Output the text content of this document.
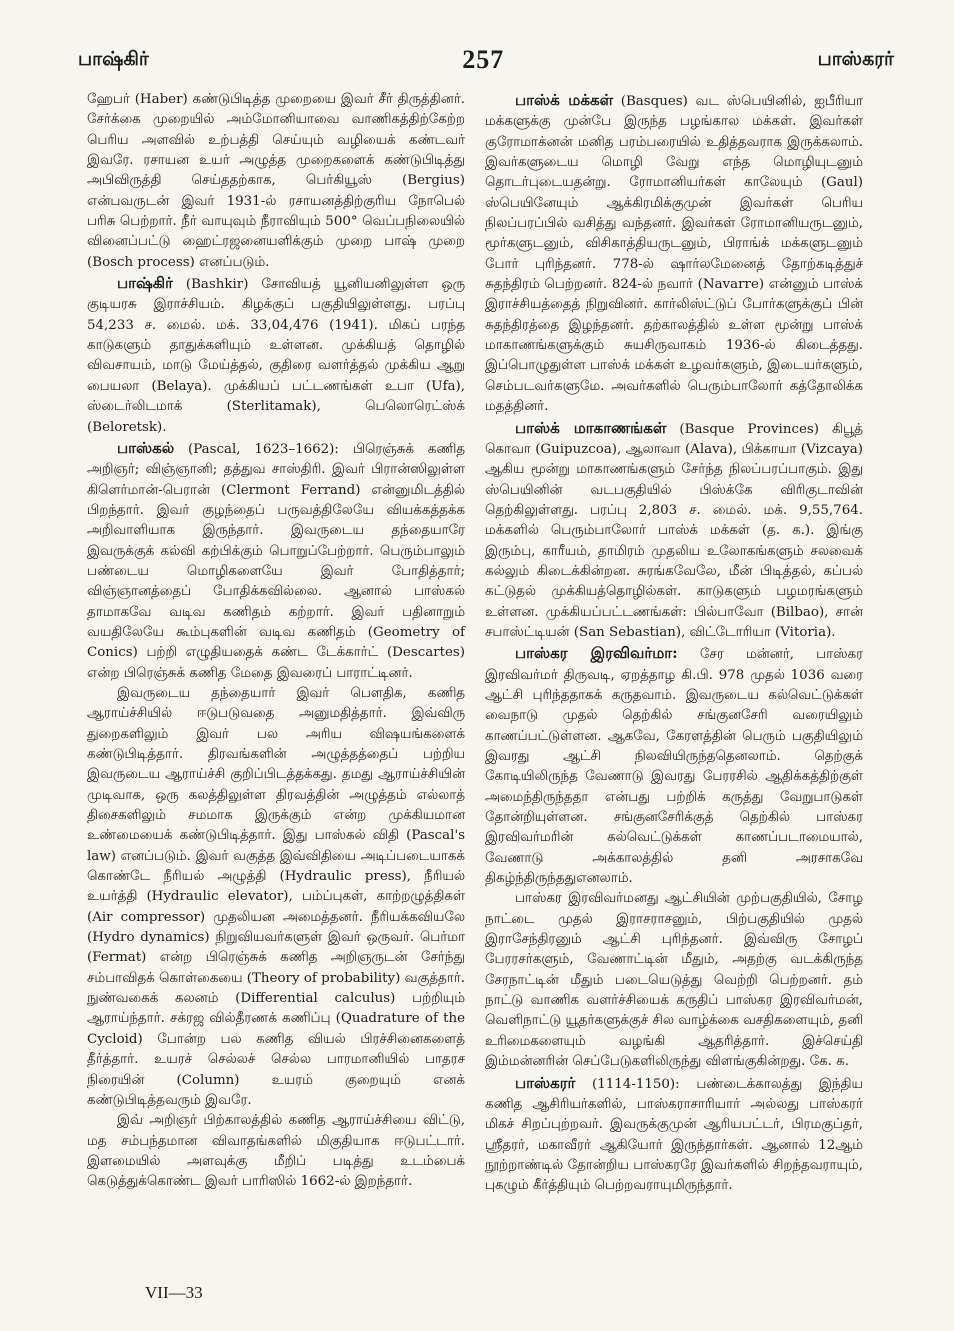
பாஷ்கிர்	257	பாஸ்கரர்

ஹேபர் (Haber) கண்டுபிடித்த முறையை இவர் சீர் திருத்தினர். சேர்க்கை முறையில் அம்மோனியாவை வாணிகத்திற்கேற்ற பெரிய அளவில் உற்பத்தி செய்யும் வழியைக் கண்டவர் இவரே. ரசாயன உயர் அழுத்த முறைகளைக் கண்டுபிடித்து அபிவிருத்தி செய்ததற்காக, பெர்கியூஸ் (Bergius) என்பவருடன் இவர் 1931-ல் ரசாயனத்திற்குரிய நோபெல் பரிசு பெற்றார். நீர் வாயுவும் நீராவியும் 500° வெப்பநிலையில் வினைப்பட்டு ஹைட்ரஜனையளிக்கும் முறை பாஷ் முறை (Bosch process) எனப்படும்.

பாஷ்கிர் (Bashkir) சோவியத் யூனியனிலுள்ள ஒரு குடியரசு இராச்சியம். கிழக்குப் பகுதியிலுள்ளது. பரப்பு 54,233 ச. மைல். மக். 33,04,476 (1941). மிகப் பரந்த காடுகளும் தாதுக்களியும் உள்ளன. முக்கியத் தொழில் விவசாயம், மாடு மேய்த்தல், குதிரை வளர்த்தல் முக்கிய ஆறு பையலா (Belaya). முக்கியப் பட்டணங்கள் உபா (Ufa), ஸ்டைர்லிடமாக் (Sterlitamak), பெலொரெட்ஸ்க் (Beloretsk).

பாஸ்கல் (Pascal, 1623–1662): பிரெஞ்சுக் கணித அறிஞர்; விஞ்ஞானி; தத்துவ சாஸ்திரி. இவர் பிரான்ஸிலுள்ள கிளெர்மான்-பெரான் (Clermont Ferrand) என்னுமிடத்தில் பிறந்தார். இவர் குழந்தைப் பருவத்திலேயே வியக்கத்தக்க அறிவாளியாக இருந்தார். இவருடைய தந்தையாரே இவருக்குக் கல்வி கற்பிக்கும் பொறுப்பேற்றார். பெரும்பாலும் பண்டைய மொழிகளையே இவர் போதித்தார்; விஞ்ஞானத்தைப் போதிக்கவில்லை. ஆனால் பாஸ்கல் தாமாகவே வடிவ கணிதம் கற்றார். இவர் பதினாறும் வயதிலேயே கூம்புகளின் வடிவ கணிதம் (Geometry of Conics) பற்றி எழுதியதைக் கண்ட டேக்கார்ட் (Descartes) என்ற பிரெஞ்சுக் கணித மேதை இவரைப் பாராட்டினர்.

இவருடைய தந்தையார் இவர் பௌதிக, கணித ஆராய்ச்சியில் ஈடுபடுவதை அனுமதித்தார். இவ்விரு துறைகளிலும் இவர் பல அரிய விஷயங்களைக் கண்டுபிடித்தார். திரவங்களின் அழுத்தத்தைப் பற்றிய இவருடைய ஆராய்ச்சி குறிப்பிடத்தக்கது. தமது ஆராய்ச்சியின் முடிவாக, ஒரு கலத்திலுள்ள திரவத்தின் அழுத்தம் எல்லாத் திசைகளிலும் சமமாக இருக்கும் என்ற முக்கியமான உண்மையைக் கண்டுபிடித்தார். இது பாஸ்கல் விதி (Pascal's law) எனப்படும். இவர் வகுத்த இவ்விதியை அடிப்படையாகக் கொண்டே நீரியல் அழுத்தி (Hydraulic press), நீரியல் உயர்த்தி (Hydraulic elevator), பம்ப்புகள், காற்றழுத்திகள் (Air compressor) முதலியன அமைத்தனர். நீரியக்கவியலே (Hydro dynamics) நிறுவியவர்களுள் இவர் ஒருவர். பெர்மா (Fermat) என்ற பிரெஞ்சுக் கணித அறிஞருடன் சேர்ந்து சம்பாவிதக் கொள்கையை (Theory of probability) வகுத்தார். நுண்வகைக் கலனம் (Differential calculus) பற்றியும் ஆராய்ந்தார். சக்ரஜ வில்தீரணக் கணிப்பு (Quadrature of the Cycloid) போன்ற பல கணித வியல் பிரச்சினைகளைத் தீர்த்தார். உயரச் செல்லச் செல்ல பாரமானியில் பாதரச நிரையின் (Column) உயரம் குறையும் எனக் கண்டுபிடித்தவரும் இவரே.

இவ் அறிஞர் பிற்காலத்தில் கணித ஆராய்ச்சியை விட்டு, மத சம்பந்தமான விவாதங்களில் மிகுதியாக ஈடுபட்டார். இளமையில் அளவுக்கு மீறிப் படித்து உடம்பைக் கெடுத்துக்கொண்ட இவர் பாரிஸில் 1662-ல் இறந்தார்.

பாஸ்க் மக்கள் (Basques) வட ஸ்பெயினில், ஐபீரியா மக்களுக்கு முன்பே இருந்த பழங்கால மக்கள். இவர்கள் குரோமாக்னன் மனித பரம்பரையில் உதித்தவராக இருக்கலாம். இவர்களுடைய மொழி வேறு எந்த மொழியுடனும் தொடர்புடையதன்று. ரோமானியர்கள் காலேயும் (Gaul) ஸ்பெயினேயும் ஆக்கிரமிக்குமுன் இவர்கள் பெரிய நிலப்பரப்பில் வசித்து வந்தனர். இவர்கள் ரோமானியருடனும், மூர்களுடனும், விசிகாத்தியருடனும், பிராங்க் மக்களுடனும் போர் புரிந்தனர். 778-ல் ஷார்லமேனைத் தோற்கடித்துச் சுதந்திரம் பெற்றனர். 824-ல் நவார் (Navarre) என்னும் பாஸ்க் இராச்சியத்தைத் நிறுவினர். கார்லிஸ்ட்டுப் போர்களுக்குப் பின் சுதந்திரத்தை இழந்தனர். தற்காலத்தில் உள்ள மூன்று பாஸ்க் மாகாணங்களுக்கும் சுயசிருவாகம் 1936-ல் கிடைத்தது. இப்பொழுதுள்ள பாஸ்க் மக்கள் உழவர்களும், இடையர்களும், செம்படவர்களுமே. அவர்களில் பெரும்பாலோர் கத்தோலிக்க மதத்தினர்.

பாஸ்க் மாகாணங்கள் (Basque Provinces) கிபூத் கொவா (Guipuzcoa), ஆலாவா (Alava), பிக்காயா (Vizcaya) ஆகிய மூன்று மாகாணங்களும் சேர்ந்த நிலப்பரப்பாகும். இது ஸ்பெயினின் வடபகுதியில் பிஸ்க்கே விரிகுடாவின் தெற்கிலுள்ளது. பரப்பு 2,803 ச. மைல். மக். 9,55,764. மக்களில் பெரும்பாலோர் பாஸ்க் மக்கள் (த. க.). இங்கு இரும்பு, காரீயம், தாமிரம் முதலிய உலோகங்களும் சலவைக் கல்லும் கிடைக்கின்றன. சுரங்கவேலே, மீன் பிடித்தல், கப்பல் கட்டுதல் முக்கியத்தொழில்கள். காடுகளும் பழமரங்களும் உள்ளன. முக்கியப்பட்டணங்கள்: பில்பாவோ (Bilbao), சான் சபாஸ்ட்டியன் (San Sebastian), விட்டோரியா (Vitoria).

பாஸ்கர இரவிவர்மா: சேர மன்னர், பாஸ்கர இரவிவர்மர் திருவடி, ஏறத்தாழ கி.பி. 978 முதல் 1036 வரை ஆட்சி புரிந்ததாகக் கருதவாம். இவருடைய கல்வெட்டுக்கள் வைநாடு முதல் தெற்கில் சங்குனசேரி வரையிலும் காணப்பட்டுள்ளன. ஆகவே, கேரளத்தின் பெரும் பகுதியிலும் இவரது ஆட்சி நிலவியிருந்ததெனலாம். தெற்குக் கோடியிலிருந்த வேணாடு இவரது பேரரசில் ஆதிக்கத்திற்குள் அமைந்திருந்ததா என்பது பற்றிக் கருத்து வேறுபாடுகள் தோன்றியுள்ளன. சங்குனசேரிக்குத் தெற்கில் பாஸ்கர இரவிவர்மரின் கல்வெட்டுக்கள் காணப்படாமையால், வேணாடு அக்காலத்தில் தனி அரசாகவே திகழ்ந்திருந்ததுஎனலாம்.

பாஸ்கர இரவிவர்மனது ஆட்சியின் முற்பகுதியில், சோழ நாட்டை முதல் இராசராசனும், பிற்பகுதியில் முதல் இராசேந்திரனும் ஆட்சி புரிந்தனர். இவ்விரு சோழப் பேரரசர்களும், வேணாட்டின் மீதும், அதற்கு வடக்கிருந்த சேரநாட்டின் மீதும் படையெடுத்து வெற்றி பெற்றனர். தம் நாட்டு வாணிக வளர்ச்சியைக் கருதிப் பாஸ்கர இரவிவர்மன், வெளிநாட்டு யூதர்களுக்குச் சில வாழ்க்கை வசதிகளையும், தனி உரிமைகளையும் வழங்கி ஆதரித்தார். இச்செய்தி இம்மன்னரின் செப்பேடுகளிலிருந்து விளங்குகின்றது. கே. க.

பாஸ்கரர் (1114-1150): பண்டைக்காலத்து இந்திய கணித ஆசிரியர்களில், பாஸ்கராசாரியார் அல்லது பாஸ்கரர் மிகச் சிறப்புற்றவர். இவருக்குமுன் ஆரியபட்டர், பிரமகுப்தர், ஸ்ரீதரர், மகாவீரர் ஆகியோர் இருந்தார்கள். ஆனால் 12ஆம் நூற்றாண்டில் தோன்றிய பாஸ்கரரே இவர்களில் சிறந்தவராயும், புகழும் கீர்த்தியும் பெற்றவராயுமிருந்தார்.

VII—33
